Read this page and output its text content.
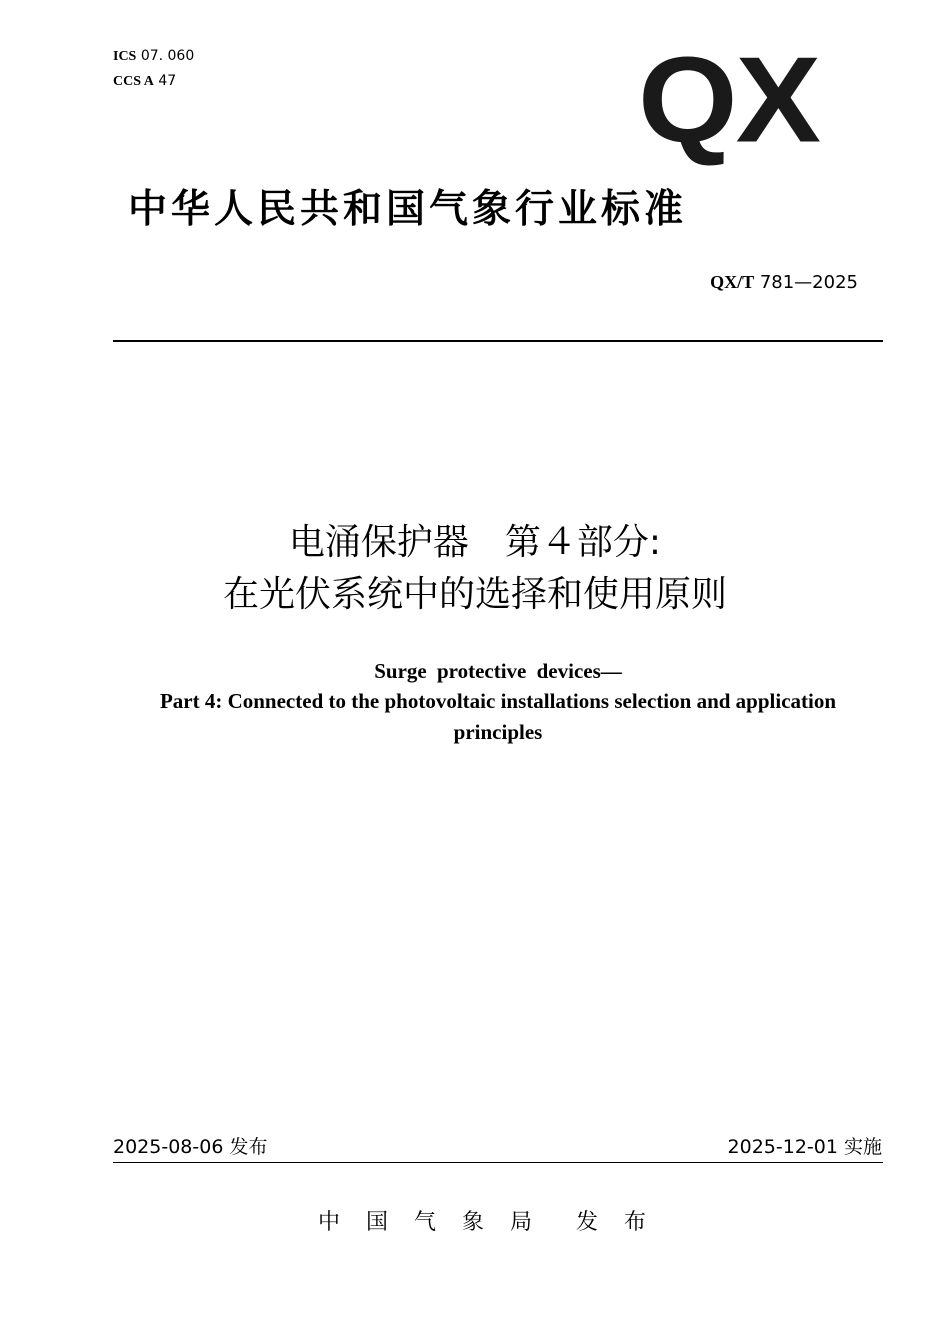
ICS 07. 060
CCS A 47	QX
中华人民共和国气象行业标准
QX/T 781—2025
电涌保护器　第４部分:
在光伏系统中的选择和使用原则
Surge protective devices—
Part 4: Connected to the photovoltaic installations selection and application
principles
2025-08-06 发布	2025-12-01 实施
中国气象局 发布
